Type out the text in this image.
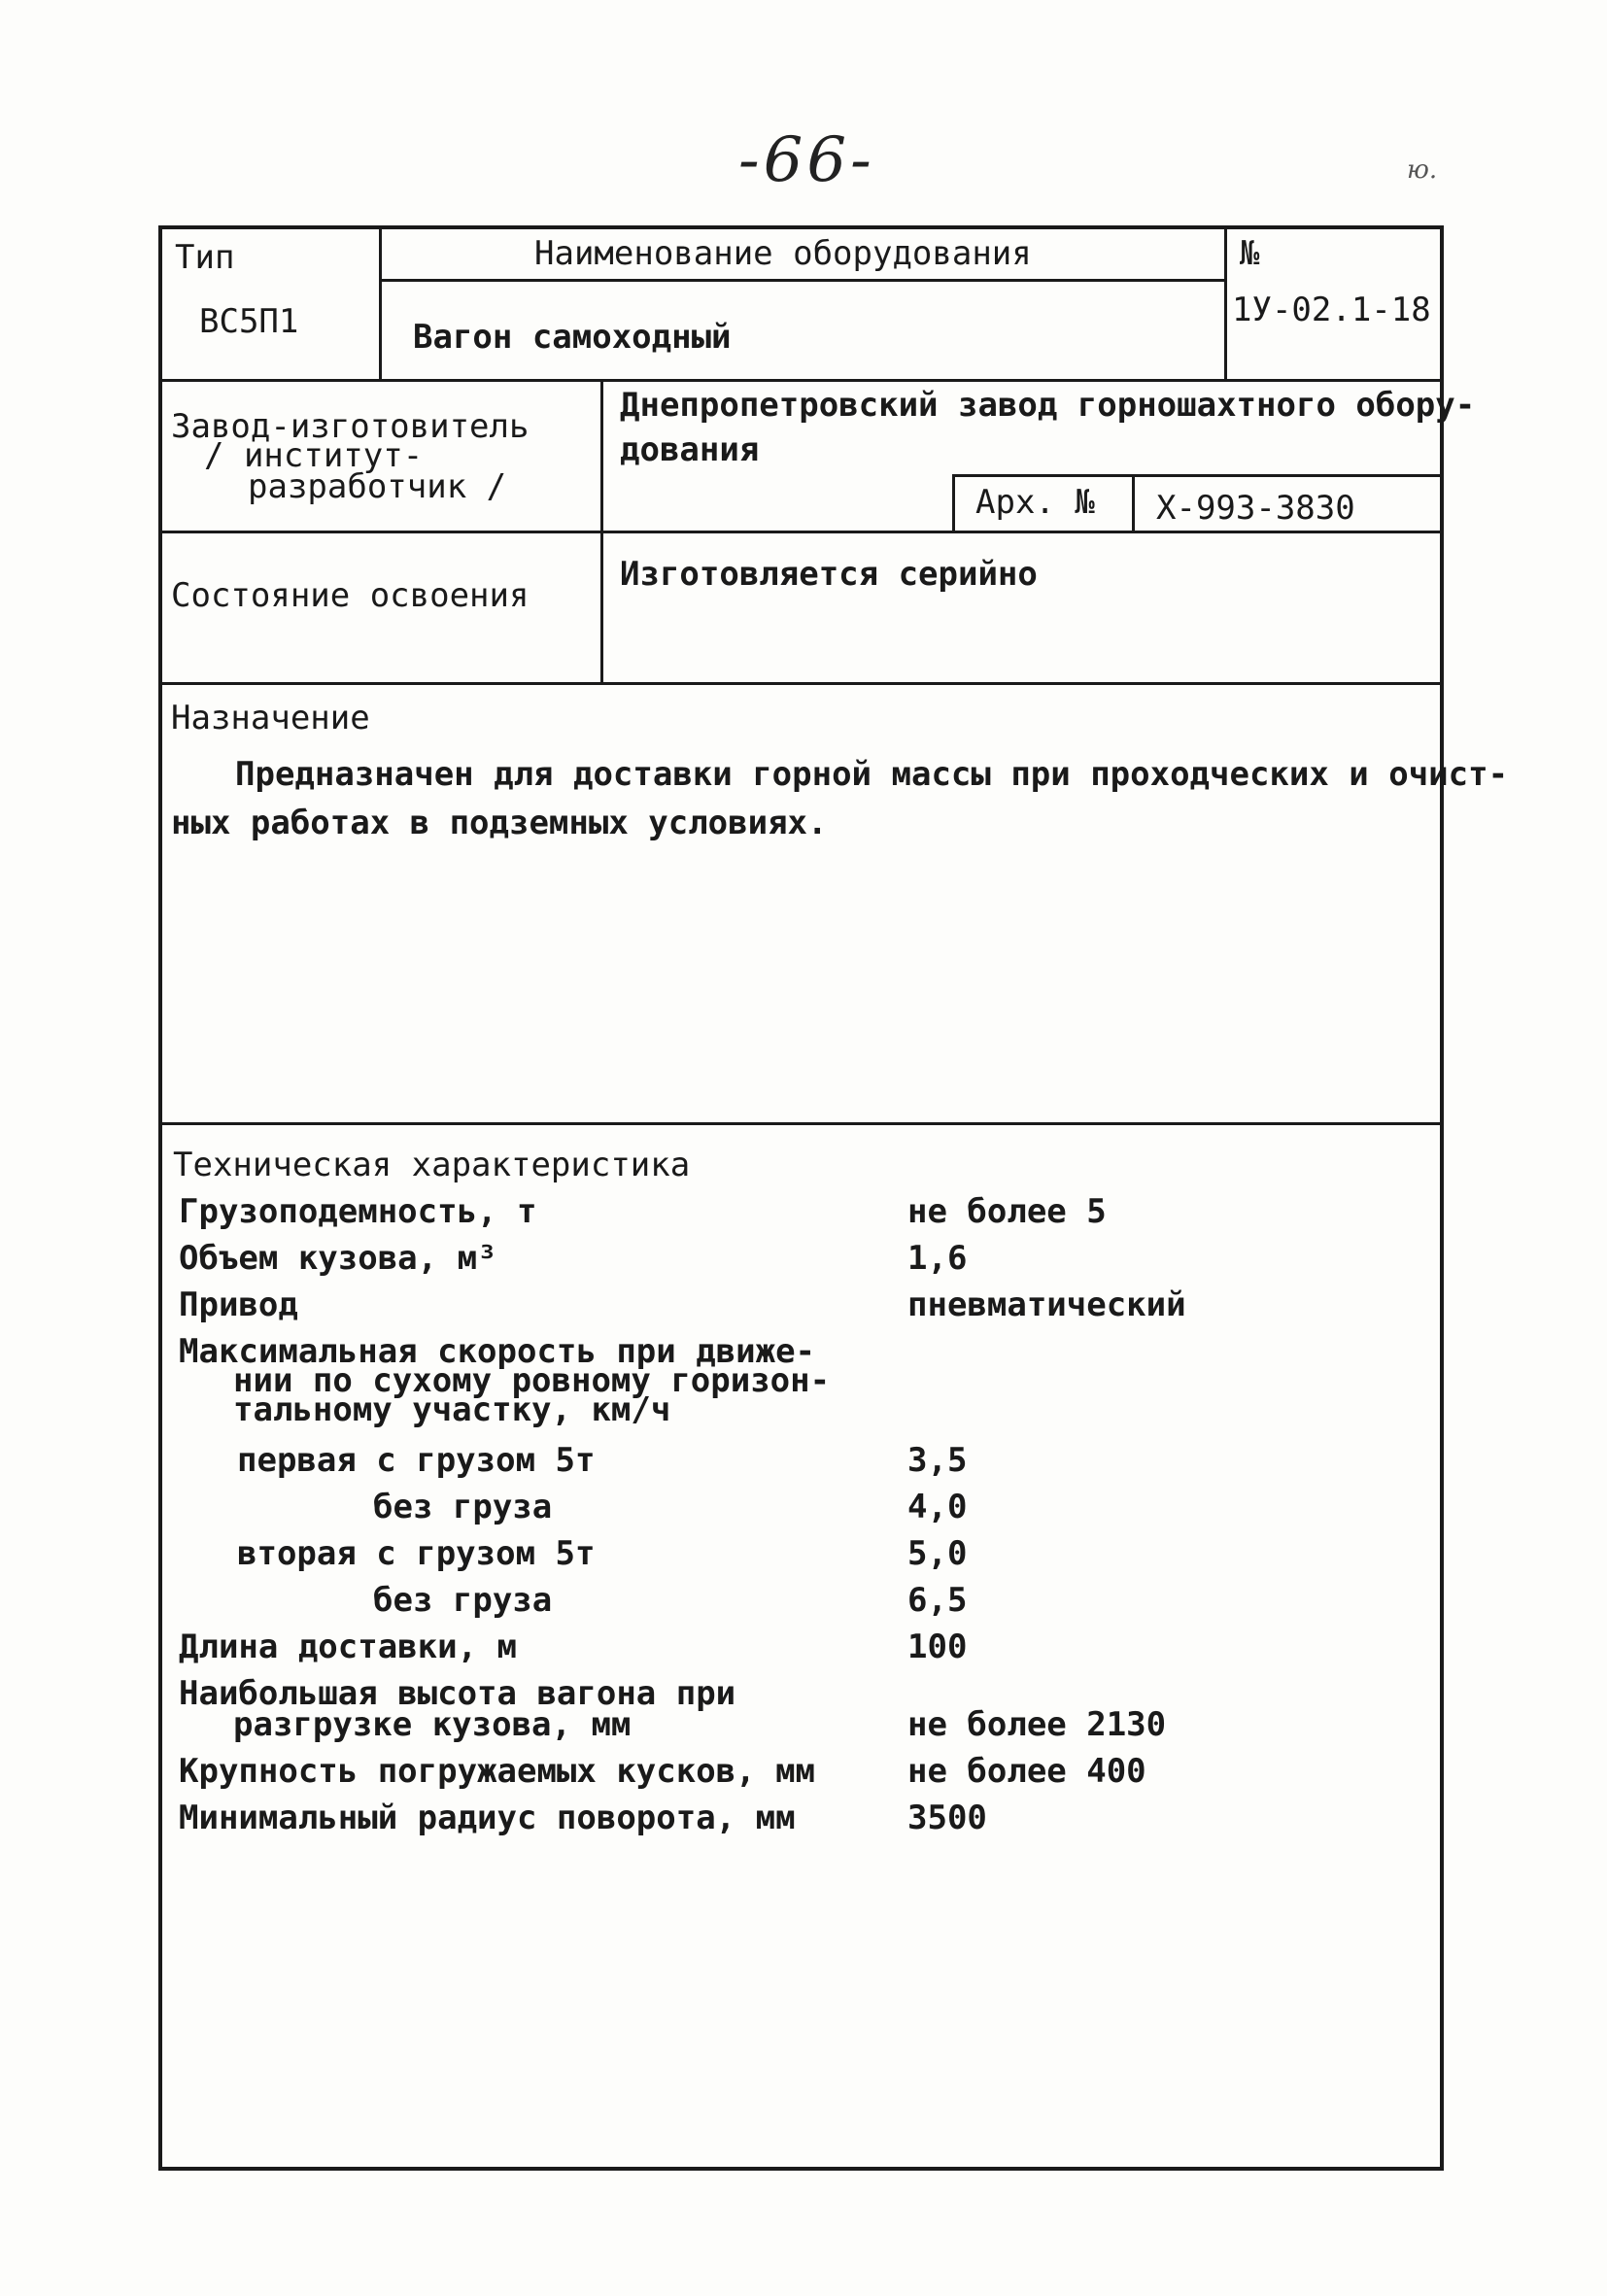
-66-	ю.
Тип
ВС5П1
Наименование оборудования
Вагон самоходный
№
1У-02.1-18
Завод-изготовитель
/ институт-
разработчик /
Днепропетровский завод горношахтного обору-
дования
Арх. № Х-993-3830
Состояние освоения
Изготовляется серийно
Назначение
Предназначен для доставки горной массы при проходческих и очист-
ных работах в подземных условиях.
Техническая характеристика
Грузоподемность, т	не более 5
Объем кузова, м³	1,6
Привод	пневматический
Максимальная скорость при движе-
нии по сухому ровному горизон-
тальному участку, км/ч
первая с грузом 5т	3,5
без груза	4,0
вторая с грузом 5т	5,0
без груза	6,5
Длина доставки, м	100
Наибольшая высота вагона при
разгрузке кузова, мм	не более 2130
Крупность погружаемых кусков, мм	не более 400
Минимальный радиус поворота, мм	3500
